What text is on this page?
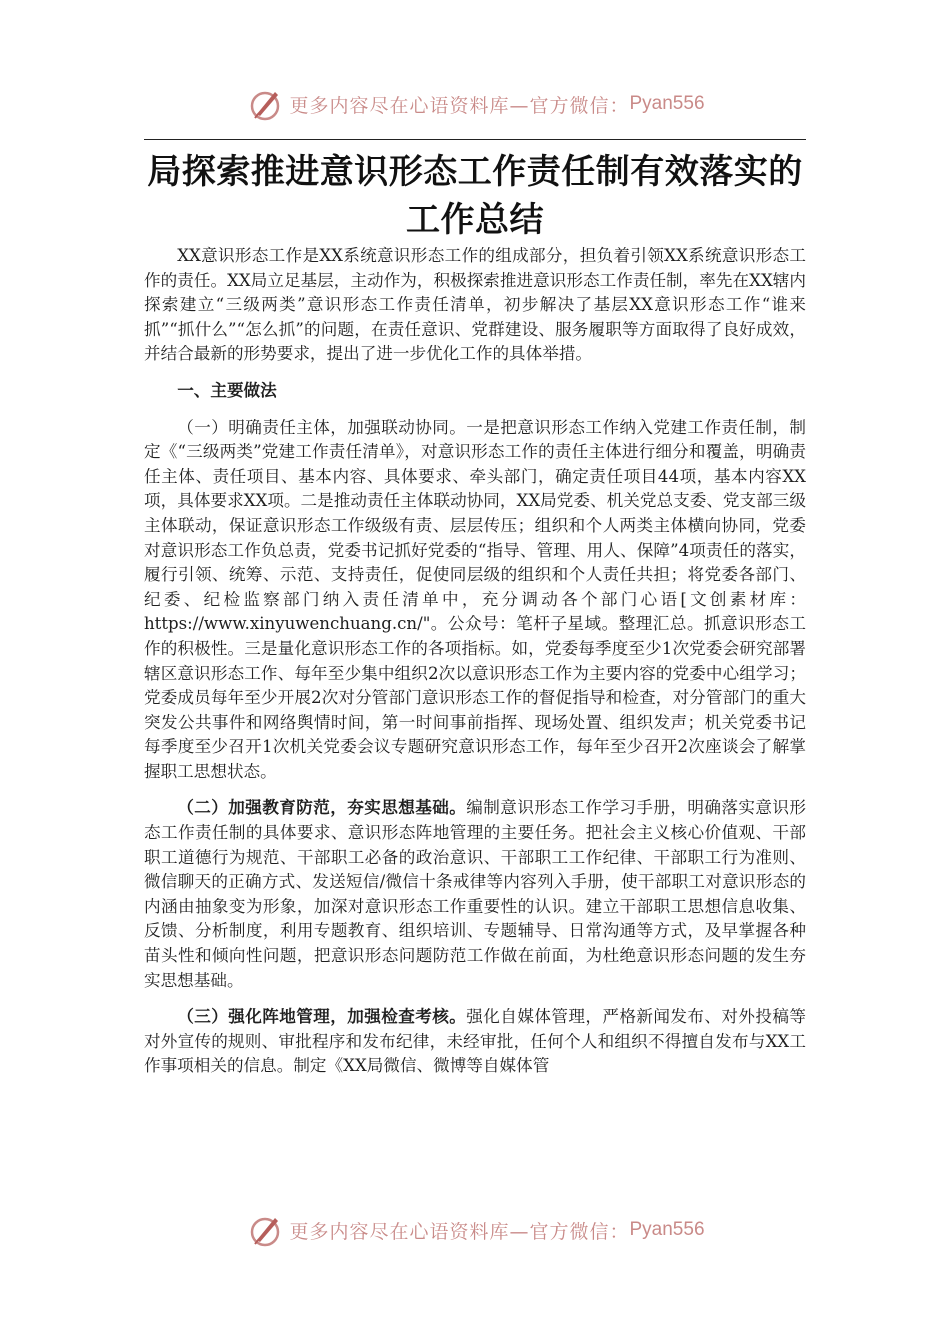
更多内容尽在心语资料库—官方微信： Pyan556
局探索推进意识形态工作责任制有效落实的工作总结

XX意识形态工作是XX系统意识形态工作的组成部分，担负着引领XX系统意识形态工作的责任。XX局立足基层，主动作为，积极探索推进意识形态工作责任制，率先在XX辖内探索建立“三级两类”意识形态工作责任清单，初步解决了基层XX意识形态工作“谁来抓”“抓什么”“怎么抓”的问题，在责任意识、党群建设、服务履职等方面取得了良好成效，并结合最新的形势要求，提出了进一步优化工作的具体举措。

一、主要做法

（一）明确责任主体，加强联动协同。一是把意识形态工作纳入党建工作责任制，制定《“三级两类”党建工作责任清单》，对意识形态工作的责任主体进行细分和覆盖，明确责任主体、责任项目、基本内容、具体要求、牵头部门，确定责任项目44项，基本内容XX项，具体要求XX项。二是推动责任主体联动协同，XX局党委、机关党总支委、党支部三级主体联动，保证意识形态工作级级有责、层层传压；组织和个人两类主体横向协同，党委对意识形态工作负总责，党委书记抓好党委的“指导、管理、用人、保障”4项责任的落实，履行引领、统筹、示范、支持责任，促使同层级的组织和个人责任共担；将党委各部门、纪委、纪检监察部门纳入责任清单中，充分调动各个部门心语[文创素材库：https://www.xinyuwenchuang.cn/"。公众号：笔杆子星域。整理汇总。抓意识形态工作的积极性。三是量化意识形态工作的各项指标。如，党委每季度至少1次党委会研究部署辖区意识形态工作、每年至少集中组织2次以意识形态工作为主要内容的党委中心组学习；党委成员每年至少开展2次对分管部门意识形态工作的督促指导和检查，对分管部门的重大突发公共事件和网络舆情时间，第一时间事前指挥、现场处置、组织发声；机关党委书记每季度至少召开1次机关党委会议专题研究意识形态工作，每年至少召开2次座谈会了解掌握职工思想状态。

（二）加强教育防范，夯实思想基础。编制意识形态工作学习手册，明确落实意识形态工作责任制的具体要求、意识形态阵地管理的主要任务。把社会主义核心价值观、干部职工道德行为规范、干部职工必备的政治意识、干部职工工作纪律、干部职工行为准则、微信聊天的正确方式、发送短信/微信十条戒律等内容列入手册，使干部职工对意识形态的内涵由抽象变为形象，加深对意识形态工作重要性的认识。建立干部职工思想信息收集、反馈、分析制度，利用专题教育、组织培训、专题辅导、日常沟通等方式，及早掌握各种苗头性和倾向性问题，把意识形态问题防范工作做在前面，为杜绝意识形态问题的发生夯实思想基础。

（三）强化阵地管理，加强检查考核。强化自媒体管理，严格新闻发布、对外投稿等对外宣传的规则、审批程序和发布纪律，未经审批，任何个人和组织不得擅自发布与XX工作事项相关的信息。制定《XX局微信、微博等自媒体管

更多内容尽在心语资料库—官方微信： Pyan556
